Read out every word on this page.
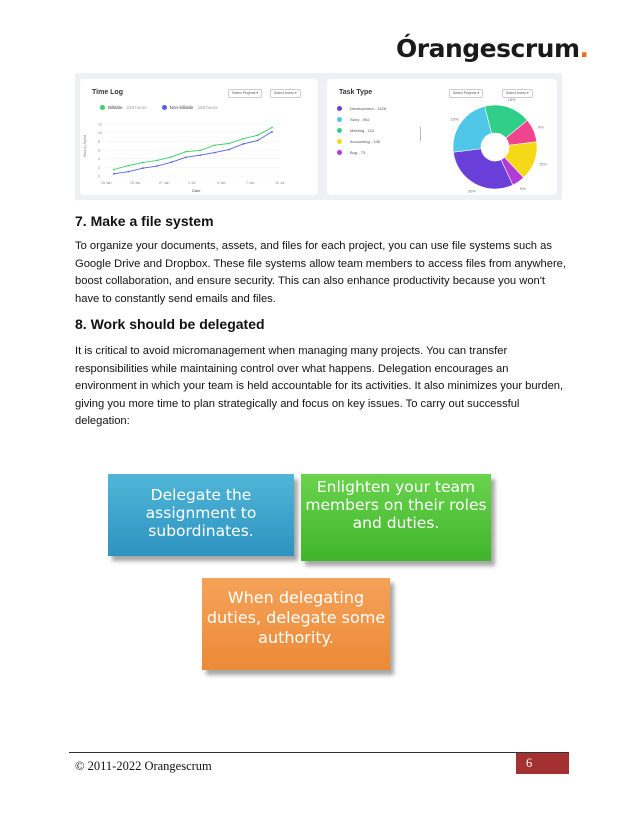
Órangescrum.
Time Log	Select Projects ▾	Select Users ▾
Billable 225 hours	Non-billable 150 hours
Hour(s) Spent
Date
12
10
8
6
4
2
0
19 Jan	25 Jan	27 Jan	1 Jul	4 Jan	7 Jan	10 Jul
Task Type	Select Projects ▾	Select Users ▾
Development - 1428
Story - 962
Meeting - 110
Accounting - 106
Bug - 73
18%
9%
15%
5%
30%
23%
7. Make a file system

To organize your documents, assets, and files for each project, you can use file systems such as Google Drive and Dropbox. These file systems allow team members to access files from anywhere, boost collaboration, and ensure security. This can also enhance productivity because you won't have to constantly send emails and files.

8. Work should be delegated

It is critical to avoid micromanagement when managing many projects. You can transfer responsibilities while maintaining control over what happens. Delegation encourages an environment in which your team is held accountable for its activities. It also minimizes your burden, giving you more time to plan strategically and focus on key issues. To carry out successful delegation:

Delegate the assignment to subordinates.
Enlighten your team members on their roles and duties.
When delegating duties, delegate some authority.
© 2011-2022 Orangescrum	6
